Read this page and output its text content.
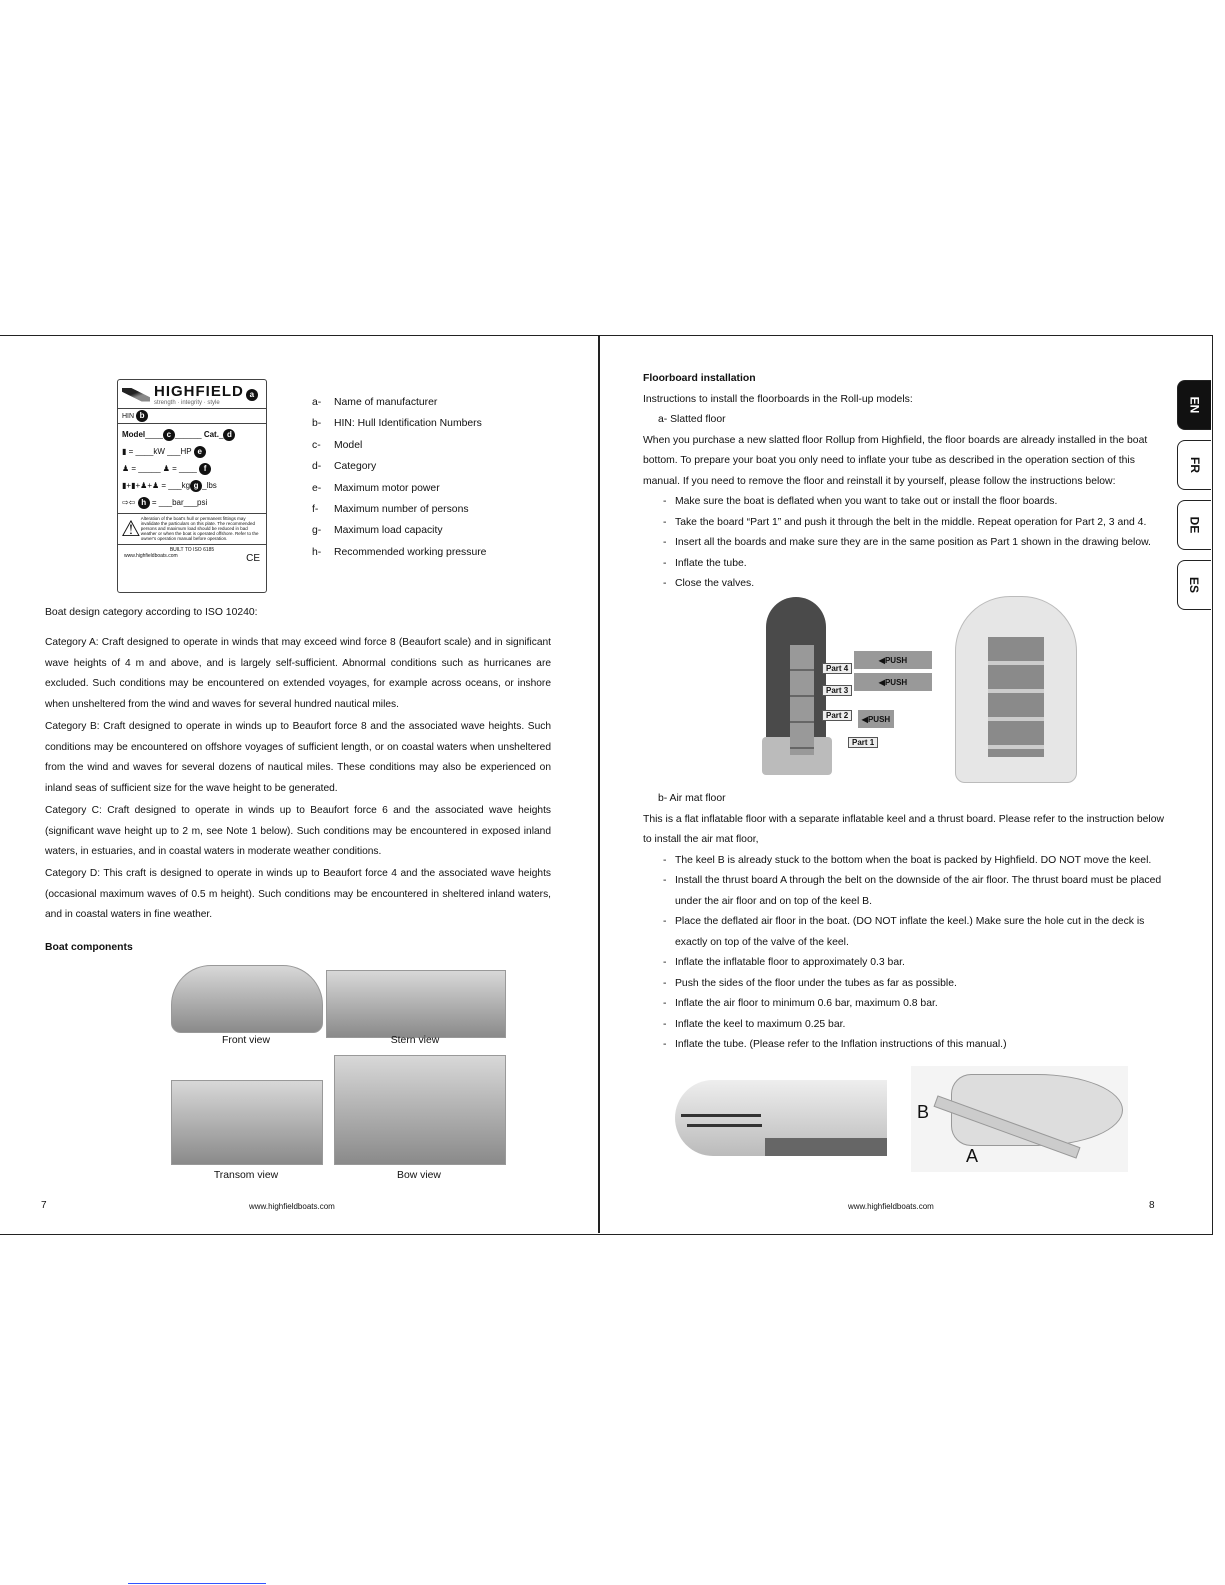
HIGHFIELD
strength · integrity · style
a
HIN b
Model____ c ______ Cat._ d
▮ = ____kW ___HP e
♟ = _____ ♟ = ____ f
▮+▮+♟+♟ = ___kg g _lbs
⇨⇦ h = ___bar___psi
⚠ Alteration of the boat's hull or permanent fittings may invalidate the particulars on this plate. The recommended persons and maximum load should be reduced in bad weather or when the boat is operated offshore. Refer to the owner's operation manual before operation.
BUILT TO ISO 6185
www.highfieldboats.com	CE
a- Name of manufacturer
b- HIN: Hull Identification Numbers
c- Model
d- Category
e- Maximum motor power
f- Maximum number of persons
g- Maximum load capacity
h- Recommended working pressure
Boat design category according to ISO 10240:
Category A: Craft designed to operate in winds that may exceed wind force 8 (Beaufort scale) and in significant wave heights of 4 m and above, and is largely self-sufficient. Abnormal conditions such as hurricanes are excluded. Such conditions may be encountered on extended voyages, for example across oceans, or inshore when unsheltered from the wind and waves for several hundred nautical miles.
Category B: Craft designed to operate in winds up to Beaufort force 8 and the associated wave heights. Such conditions may be encountered on offshore voyages of sufficient length, or on coastal waters when unsheltered from the wind and waves for several dozens of nautical miles. These conditions may also be experienced on inland seas of sufficient size for the wave height to be generated.
Category C: Craft designed to operate in winds up to Beaufort force 6 and the associated wave heights (significant wave height up to 2 m, see Note 1 below). Such conditions may be encountered in exposed inland waters, in estuaries, and in coastal waters in moderate weather conditions.
Category D: This craft is designed to operate in winds up to Beaufort force 4 and the associated wave heights (occasional maximum waves of 0.5 m height). Such conditions may be encountered in sheltered inland waters, and in coastal waters in fine weather.
Boat components
Front view	Stern view
Transom view	Bow view
7	www.highfieldboats.com
Floorboard installation
Instructions to install the floorboards in the Roll-up models:
a- Slatted floor
When you purchase a new slatted floor Rollup from Highfield, the floor boards are already installed in the boat bottom. To prepare your boat you only need to inflate your tube as described in the operation section of this manual. If you need to remove the floor and reinstall it by yourself, please follow the instructions below:
- Make sure the boat is deflated when you want to take out or install the floor boards.
- Take the board “Part 1” and push it through the belt in the middle. Repeat operation for Part 2, 3 and 4.
- Insert all the boards and make sure they are in the same position as Part 1 shown in the drawing below.
- Inflate the tube.
- Close the valves.
Part 4
◀ PUSH
Part 3
◀ PUSH
Part 2	◀ PUSH
Part 1
b- Air mat floor
This is a flat inflatable floor with a separate inflatable keel and a thrust board. Please refer to the instruction below to install the air mat floor,
- The keel B is already stuck to the bottom when the boat is packed by Highfield. DO NOT move the keel.
- Install the thrust board A through the belt on the downside of the air floor. The thrust board must be placed under the air floor and on top of the keel B.
- Place the deflated air floor in the boat. (DO NOT inflate the keel.) Make sure the hole cut in the deck is exactly on top of the valve of the keel.
- Inflate the inflatable floor to approximately 0.3 bar.
- Push the sides of the floor under the tubes as far as possible.
- Inflate the air floor to minimum 0.6 bar, maximum 0.8 bar.
- Inflate the keel to maximum 0.25 bar.
- Inflate the tube. (Please refer to the Inflation instructions of this manual.)
B
A
www.highfieldboats.com	8
EN
FR
DE
ES
